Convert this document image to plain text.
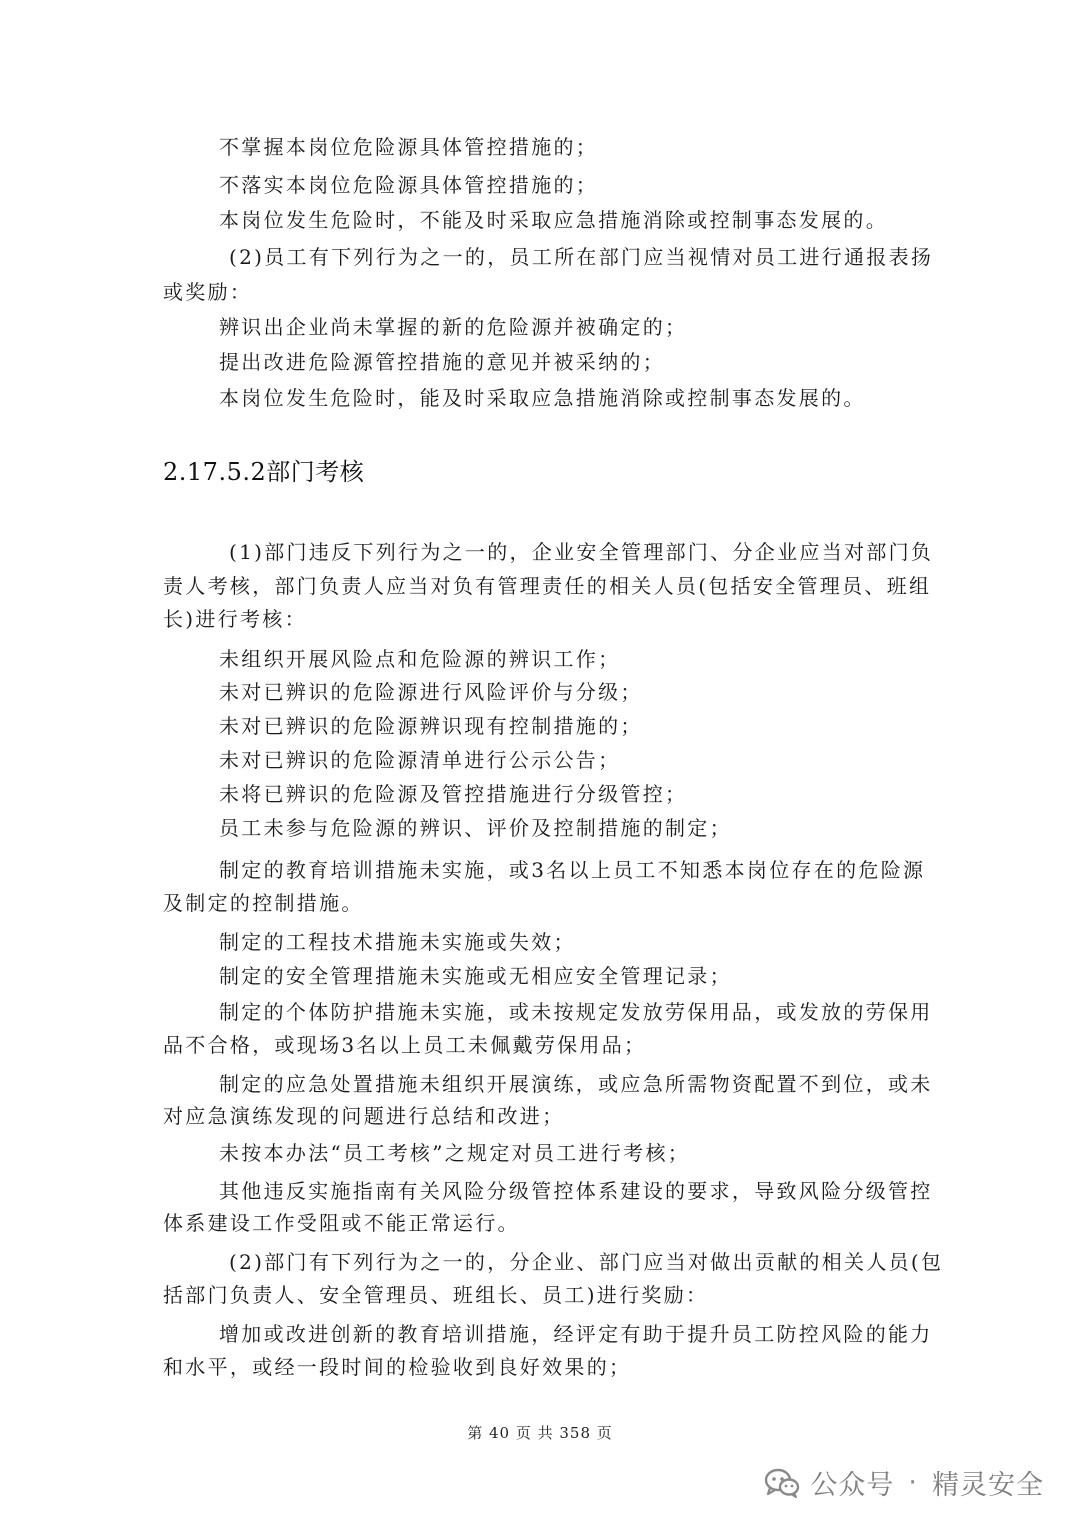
不掌握本岗位危险源具体管控措施的；
不落实本岗位危险源具体管控措施的；
本岗位发生危险时，不能及时采取应急措施消除或控制事态发展的。
(2)员工有下列行为之一的，员工所在部门应当视情对员工进行通报表扬
或奖励：
辨识出企业尚未掌握的新的危险源并被确定的；
提出改进危险源管控措施的意见并被采纳的；
本岗位发生危险时，能及时采取应急措施消除或控制事态发展的。
2.17.5.2部门考核
(1)部门违反下列行为之一的，企业安全管理部门、分企业应当对部门负
责人考核，部门负责人应当对负有管理责任的相关人员(包括安全管理员、班组
长)进行考核：
未组织开展风险点和危险源的辨识工作；
未对已辨识的危险源进行风险评价与分级；
未对已辨识的危险源辨识现有控制措施的；
未对已辨识的危险源清单进行公示公告；
未将已辨识的危险源及管控措施进行分级管控；
员工未参与危险源的辨识、评价及控制措施的制定；
制定的教育培训措施未实施，或3名以上员工不知悉本岗位存在的危险源
及制定的控制措施。
制定的工程技术措施未实施或失效；
制定的安全管理措施未实施或无相应安全管理记录；
制定的个体防护措施未实施，或未按规定发放劳保用品，或发放的劳保用
品不合格，或现场3名以上员工未佩戴劳保用品；
制定的应急处置措施未组织开展演练，或应急所需物资配置不到位，或未
对应急演练发现的问题进行总结和改进；
未按本办法“员工考核”之规定对员工进行考核；
其他违反实施指南有关风险分级管控体系建设的要求，导致风险分级管控
体系建设工作受阻或不能正常运行。
(2)部门有下列行为之一的，分企业、部门应当对做出贡献的相关人员(包
括部门负责人、安全管理员、班组长、员工)进行奖励：
增加或改进创新的教育培训措施，经评定有助于提升员工防控风险的能力
和水平，或经一段时间的检验收到良好效果的；
第 40 页 共 358 页
公众号 · 精灵安全
